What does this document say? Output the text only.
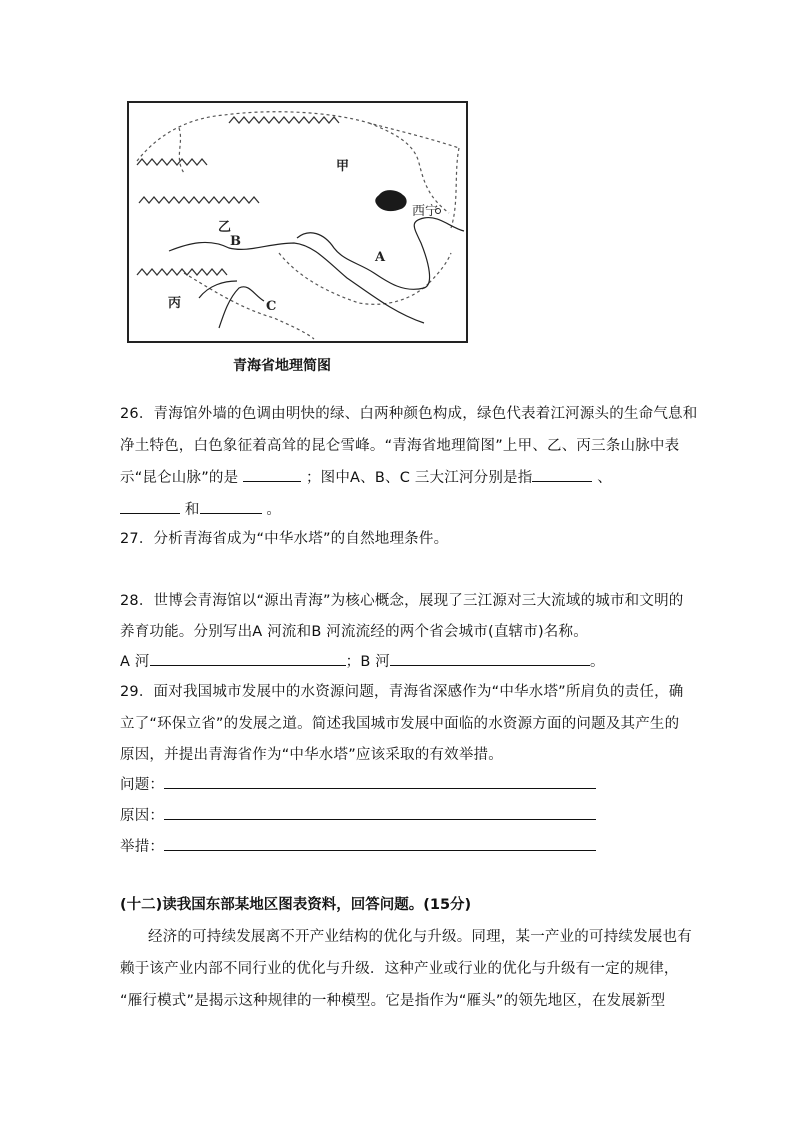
甲
西宁
乙
B
A
丙	C
青海省地理简图
26．青海馆外墙的色调由明快的绿、白两种颜色构成，绿色代表着江河源头的生命气息和
净土特色，白色象征着高耸的昆仑雪峰。“青海省地理简图”上甲、乙、丙三条山脉中表
示“昆仑山脉”的是	；图中A、B、C 三大江河分别是指	、
和	。
27．分析青海省成为“中华水塔”的自然地理条件。
28．世博会青海馆以“源出青海”为核心概念，展现了三江源对三大流域的城市和文明的
养育功能。分别写出A 河流和B 河流流经的两个省会城市(直辖市)名称。
A 河	；B 河	。
29．面对我国城市发展中的水资源问题，青海省深感作为“中华水塔”所肩负的责任，确
立了“环保立省”的发展之道。简述我国城市发展中面临的水资源方面的问题及其产生的
原因，并提出青海省作为“中华水塔”应该采取的有效举措。
问题：
原因：
举措：
(十二)读我国东部某地区图表资料，回答问题。(15分)
经济的可持续发展离不开产业结构的优化与升级。同理，某一产业的可持续发展也有
赖于该产业内部不同行业的优化与升级．这种产业或行业的优化与升级有一定的规律，
“雁行模式”是揭示这种规律的一种模型。它是指作为“雁头”的领先地区，在发展新型
